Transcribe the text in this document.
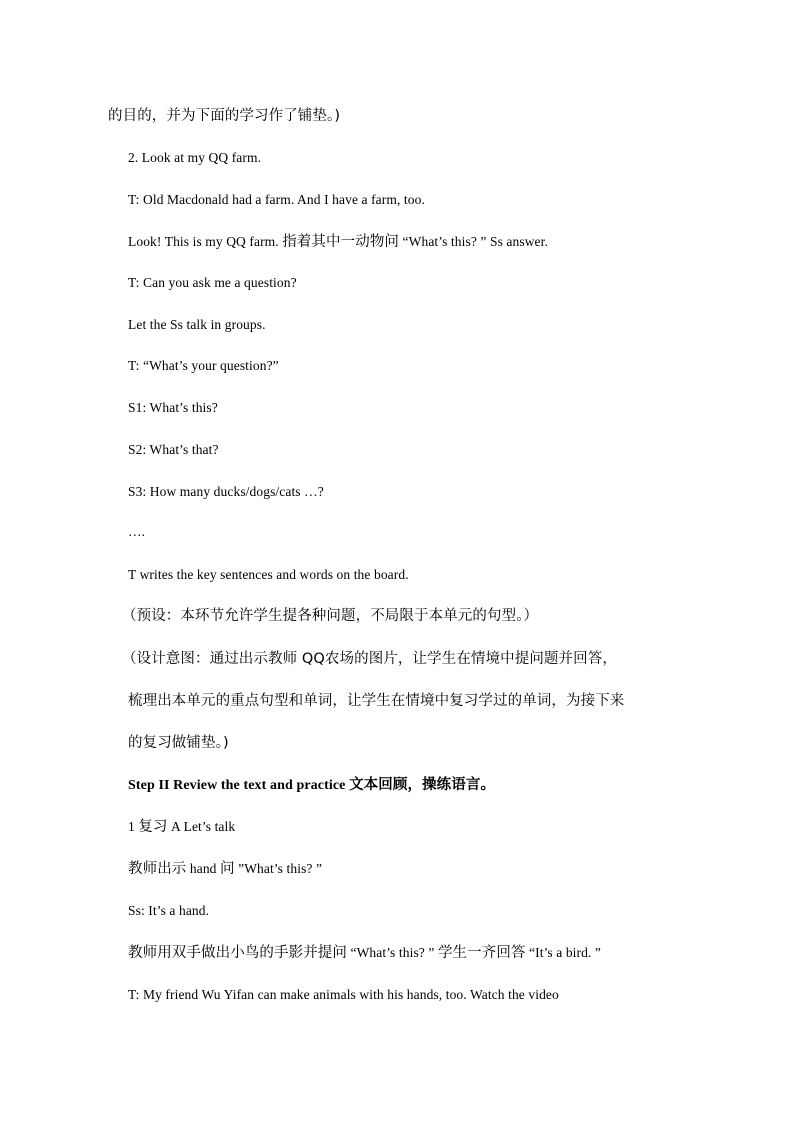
的目的，并为下面的学习作了铺垫。)
2. Look at my QQ farm.
T: Old Macdonald had a farm. And I have a farm, too.
Look! This is my QQ farm. 指着其中一动物问 “What’s this? ” Ss answer.
T: Can you ask me a question?
Let the Ss talk in groups.
T: “What’s your question?”
S1: What’s this?
S2: What’s that?
S3: How many ducks/dogs/cats …?
….
T writes the key sentences and words on the board.
（预设：本环节允许学生提各种问题，不局限于本单元的句型。）
（设计意图：通过出示教师 QQ农场的图片，让学生在情境中提问题并回答，
梳理出本单元的重点句型和单词，让学生在情境中复习学过的单词，为接下来
的复习做铺垫。)
Step II Review the text and practice 文本回顾，操练语言。
1 复习 A Let’s talk
教师出示 hand 问 ”What’s this? ”
Ss: It’s a hand.
教师用双手做出小鸟的手影并提问 “What’s this? ” 学生一齐回答 “It’s a bird. ”
T: My friend Wu Yifan can make animals with his hands, too. Watch the video
